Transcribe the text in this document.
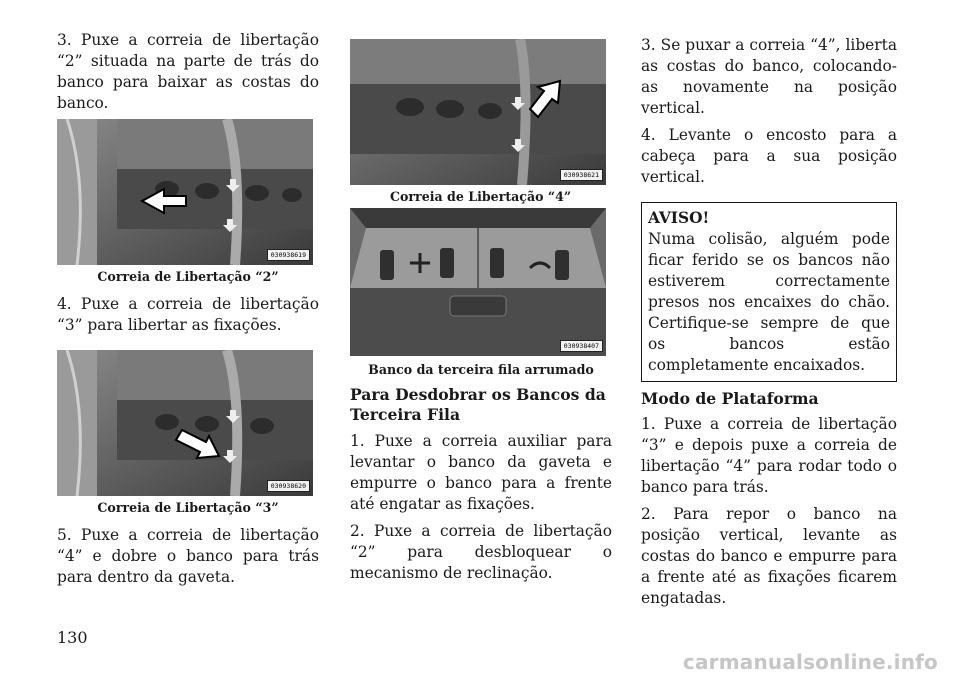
3. Puxe a correia de libertação “2” situada na parte de trás do banco para baixar as costas do banco.

030938619
Correia de Libertação “2”

4. Puxe a correia de libertação “3” para libertar as fixações.

030938620
Correia de Libertação “3”

5. Puxe a correia de libertação “4” e dobre o banco para trás para dentro da gaveta.

030938621
Correia de Libertação “4”
030938407
Banco da terceira fila arrumado
Para Desdobrar os Bancos da Terceira Fila

1. Puxe a correia auxiliar para levantar o banco da gaveta e empurre o banco para a frente até engatar as fixações.

2. Puxe a correia de libertação “2” para desbloquear o mecanismo de reclinação.

3. Se puxar a correia “4”, liberta as costas do banco, colocando-as novamente na posição vertical.

4. Levante o encosto para a cabeça para a sua posição vertical.

AVISO!
Numa colisão, alguém pode ficar ferido se os bancos não estiverem correctamente presos nos encaixes do chão. Certifique-se sempre de que os bancos estão completamente encaixados.
Modo de Plataforma

1. Puxe a correia de libertação “3” e depois puxe a correia de libertação “4” para rodar todo o banco para trás.

2. Para repor o banco na posição vertical, levante as costas do banco e empurre para a frente até as fixações ficarem engatadas.

130
carmanualsonline.info
